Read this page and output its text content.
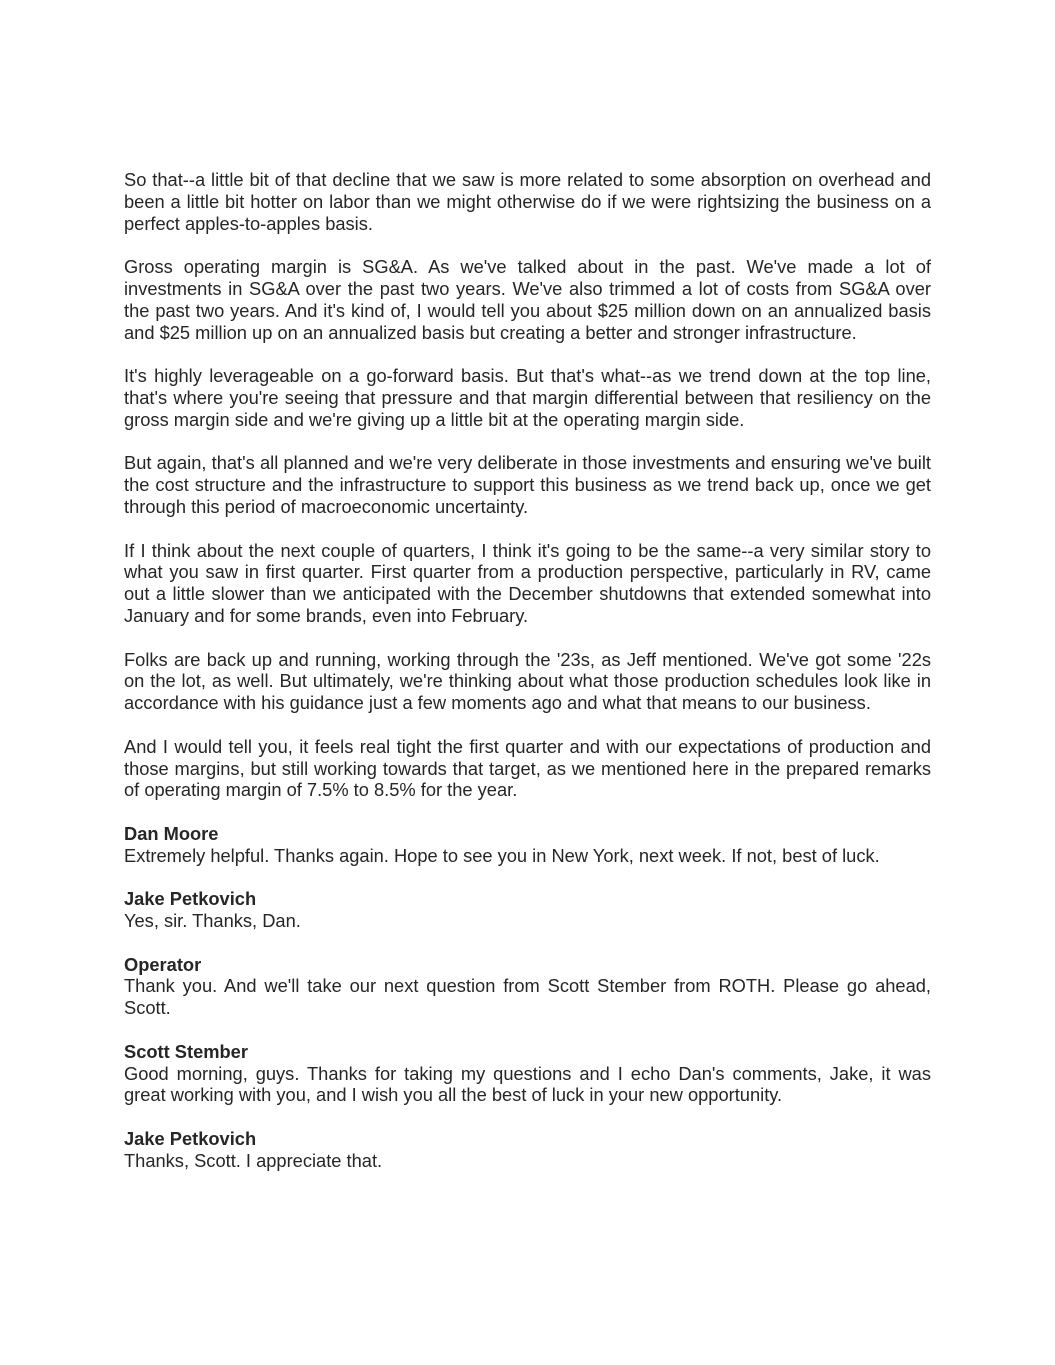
So that--a little bit of that decline that we saw is more related to some absorption on overhead and been a little bit hotter on labor than we might otherwise do if we were rightsizing the business on a perfect apples-to-apples basis.

Gross operating margin is SG&A. As we've talked about in the past. We've made a lot of investments in SG&A over the past two years. We've also trimmed a lot of costs from SG&A over the past two years. And it's kind of, I would tell you about $25 million down on an annualized basis and $25 million up on an annualized basis but creating a better and stronger infrastructure.

It's highly leverageable on a go-forward basis. But that's what--as we trend down at the top line, that's where you're seeing that pressure and that margin differential between that resiliency on the gross margin side and we're giving up a little bit at the operating margin side.

But again, that's all planned and we're very deliberate in those investments and ensuring we've built the cost structure and the infrastructure to support this business as we trend back up, once we get through this period of macroeconomic uncertainty.

If I think about the next couple of quarters, I think it's going to be the same--a very similar story to what you saw in first quarter. First quarter from a production perspective, particularly in RV, came out a little slower than we anticipated with the December shutdowns that extended somewhat into January and for some brands, even into February.

Folks are back up and running, working through the '23s, as Jeff mentioned. We've got some '22s on the lot, as well. But ultimately, we're thinking about what those production schedules look like in accordance with his guidance just a few moments ago and what that means to our business.

And I would tell you, it feels real tight the first quarter and with our expectations of production and those margins, but still working towards that target, as we mentioned here in the prepared remarks of operating margin of 7.5% to 8.5% for the year.

Dan Moore
Extremely helpful. Thanks again. Hope to see you in New York, next week. If not, best of luck.
Jake Petkovich
Yes, sir. Thanks, Dan.
Operator
Thank you. And we'll take our next question from Scott Stember from ROTH. Please go ahead, Scott.
Scott Stember
Good morning, guys. Thanks for taking my questions and I echo Dan's comments, Jake, it was great working with you, and I wish you all the best of luck in your new opportunity.
Jake Petkovich
Thanks, Scott. I appreciate that.
